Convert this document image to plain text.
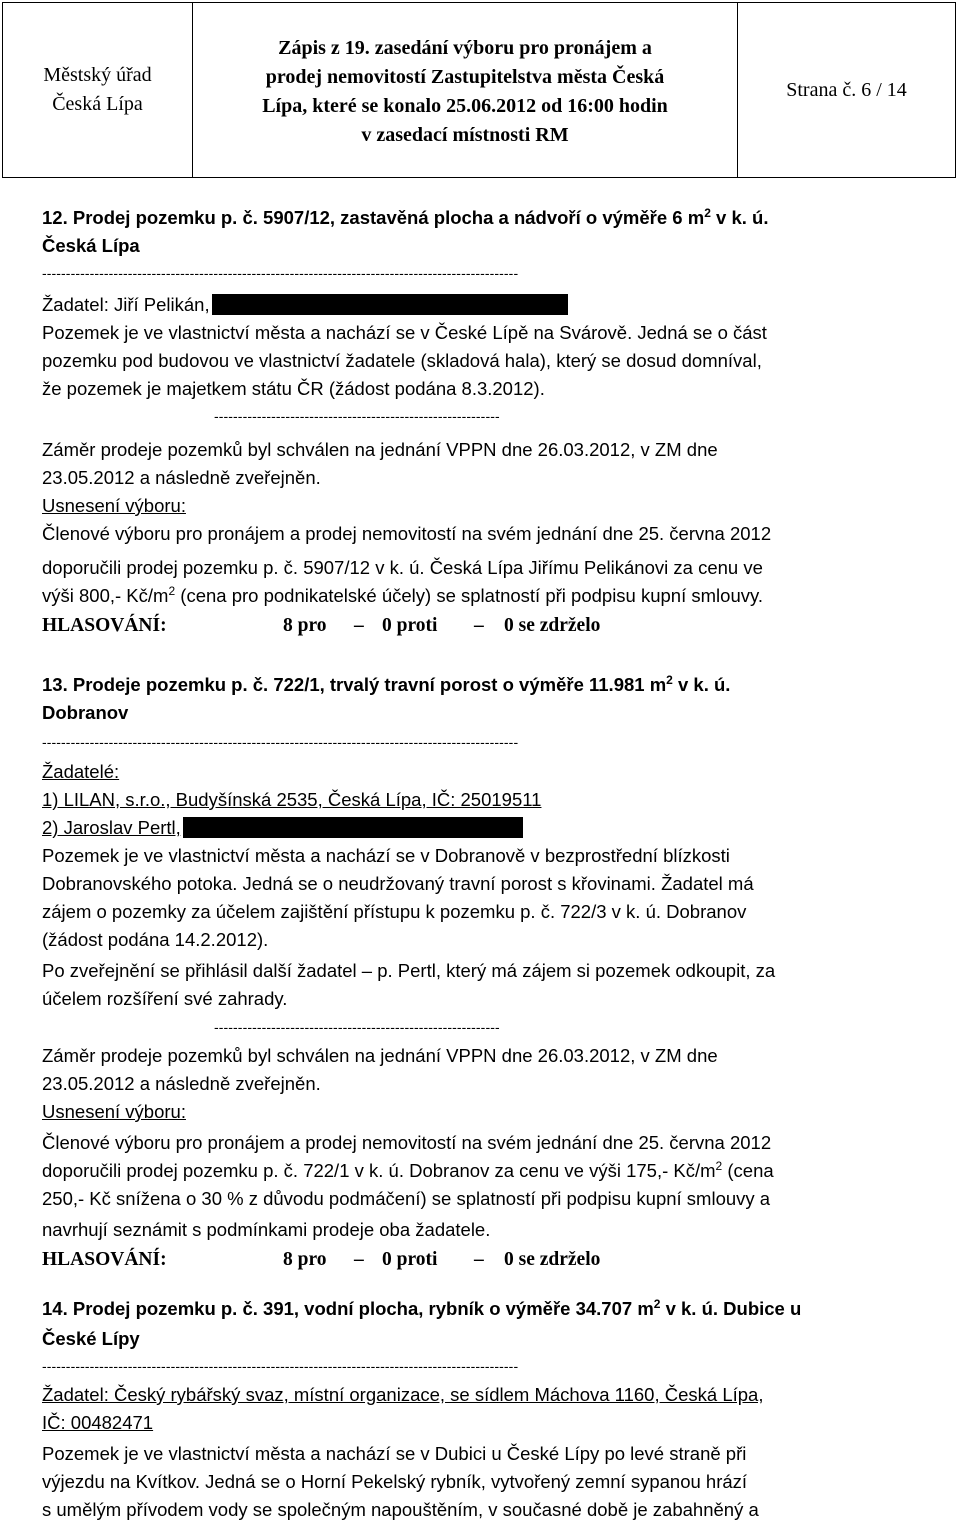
Městský úřad
Česká Lípa
Zápis z 19. zasedání výboru pro pronájem a
prodej nemovitostí Zastupitelstva města Česká
Lípa, které se konalo 25.06.2012 od 16:00 hodin
v zasedací místnosti RM
Strana č. 6 / 14
12. Prodej pozemku p. č. 5907/12, zastavěná plocha a nádvoří o výměře 6 $m^2$ v k. ú.
Česká Lípa
----------------------------------------------------------------------------------------------------
Žadatel: Jiří Pelikán,
Pozemek je ve vlastnictví města a nachází se v České Lípě na Svárově. Jedná se o část
pozemku pod budovou ve vlastnictví žadatele (skladová hala), který se dosud domníval,
že pozemek je majetkem státu ČR (žádost podána 8.3.2012).
------------------------------------------------------------
Záměr prodeje pozemků byl schválen na jednání VPPN dne 26.03.2012, v ZM dne
23.05.2012 a následně zveřejněn.
Usnesení výboru:
Členové výboru pro pronájem a prodej nemovitostí na svém jednání dne 25. června 2012
doporučili prodej pozemku p. č. 5907/12 v k. ú. Česká Lípa Jiřímu Pelikánovi za cenu ve
výši 800,- $Kč/m^2$ (cena pro podnikatelské účely) se splatností při podpisu kupní smlouvy.
HLASOVÁNÍ:	8 pro – 0 proti – 0 se zdrželo
13. Prodeje pozemku p. č. 722/1, trvalý travní porost o výměře 11.981 $m^2$ v k. ú.
Dobranov
----------------------------------------------------------------------------------------------------
Žadatelé:
1) LILAN, s.r.o., Budyšínská 2535, Česká Lípa, IČ: 25019511
2) Jaroslav Pertl,
Pozemek je ve vlastnictví města a nachází se v Dobranově v bezprostřední blízkosti
Dobranovského potoka. Jedná se o neudržovaný travní porost s křovinami. Žadatel má
zájem o pozemky za účelem zajištění přístupu k pozemku p. č. 722/3 v k. ú. Dobranov
(žádost podána 14.2.2012).
Po zveřejnění se přihlásil další žadatel – p. Pertl, který má zájem si pozemek odkoupit, za
účelem rozšíření své zahrady.
------------------------------------------------------------
Záměr prodeje pozemků byl schválen na jednání VPPN dne 26.03.2012, v ZM dne
23.05.2012 a následně zveřejněn.
Usnesení výboru:
Členové výboru pro pronájem a prodej nemovitostí na svém jednání dne 25. června 2012
doporučili prodej pozemku p. č. 722/1 v k. ú. Dobranov za cenu ve výši 175,- $Kč/m^2$ (cena
250,- Kč snížena o 30 % z důvodu podmáčení) se splatností při podpisu kupní smlouvy a
navrhují seznámit s podmínkami prodeje oba žadatele.
HLASOVÁNÍ:	8 pro – 0 proti – 0 se zdrželo
14. Prodej pozemku p. č. 391, vodní plocha, rybník o výměře 34.707 $m^2$ v k. ú. Dubice u
České Lípy
----------------------------------------------------------------------------------------------------
Žadatel: Český rybářský svaz, místní organizace, se sídlem Máchova 1160, Česká Lípa,
IČ: 00482471
Pozemek je ve vlastnictví města a nachází se v Dubici u České Lípy po levé straně při
výjezdu na Kvítkov. Jedná se o Horní Pekelský rybník, vytvořený zemní sypanou hrází
s umělým přívodem vody se společným napouštěním, v současné době je zabahněný a
